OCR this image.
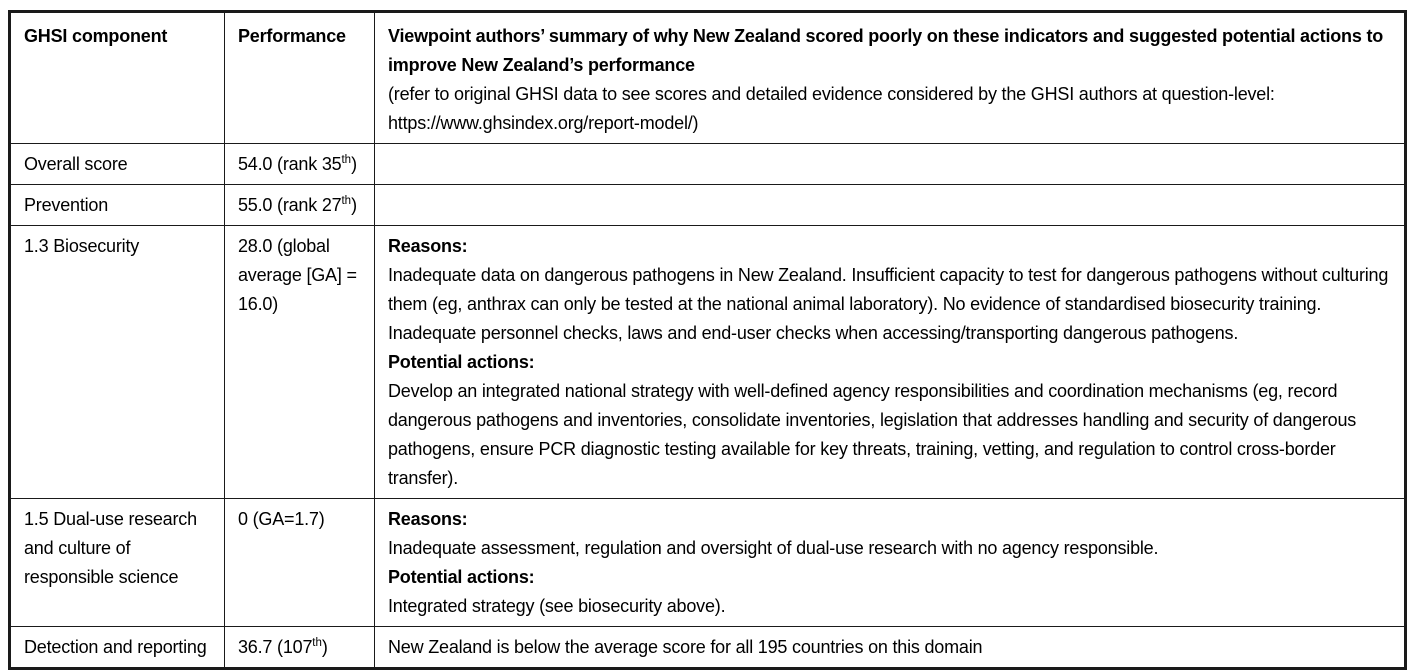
GHSI component	Performance	Viewpoint authors’ summary of why New Zealand scored poorly on these indicators and suggested potential actions to improve New Zealand’s performance
(refer to original GHSI data to see scores and detailed evidence considered by the GHSI authors at question-level: https://www.ghsindex.org/report-model/)

Overall score	54.0 (rank 35th)	
Prevention	55.0 (rank 27th)	
1.3 Biosecurity	28.0 (global average [GA] = 16.0)	Reasons:

Inadequate data on dangerous pathogens in New Zealand. Insufficient capacity to test for dangerous pathogens without culturing them (eg, anthrax can only be tested at the national animal laboratory). No evidence of standardised biosecurity training. Inadequate personnel checks, laws and end-user checks when accessing/transporting dangerous pathogens.

Potential actions:

Develop an integrated national strategy with well-defined agency responsibilities and coordination mechanisms (eg, record dangerous pathogens and inventories, consolidate inventories, legislation that addresses handling and security of dangerous pathogens, ensure PCR diagnostic testing available for key threats, training, vetting, and regulation to control cross-border transfer).

1.5 Dual-use research and culture of responsible science	0 (GA=1.7)	Reasons:

Inadequate assessment, regulation and oversight of dual-use research with no agency responsible.

Potential actions:

Integrated strategy (see biosecurity above).

Detection and reporting	36.7 (107th)	New Zealand is below the average score for all 195 countries on this domain
